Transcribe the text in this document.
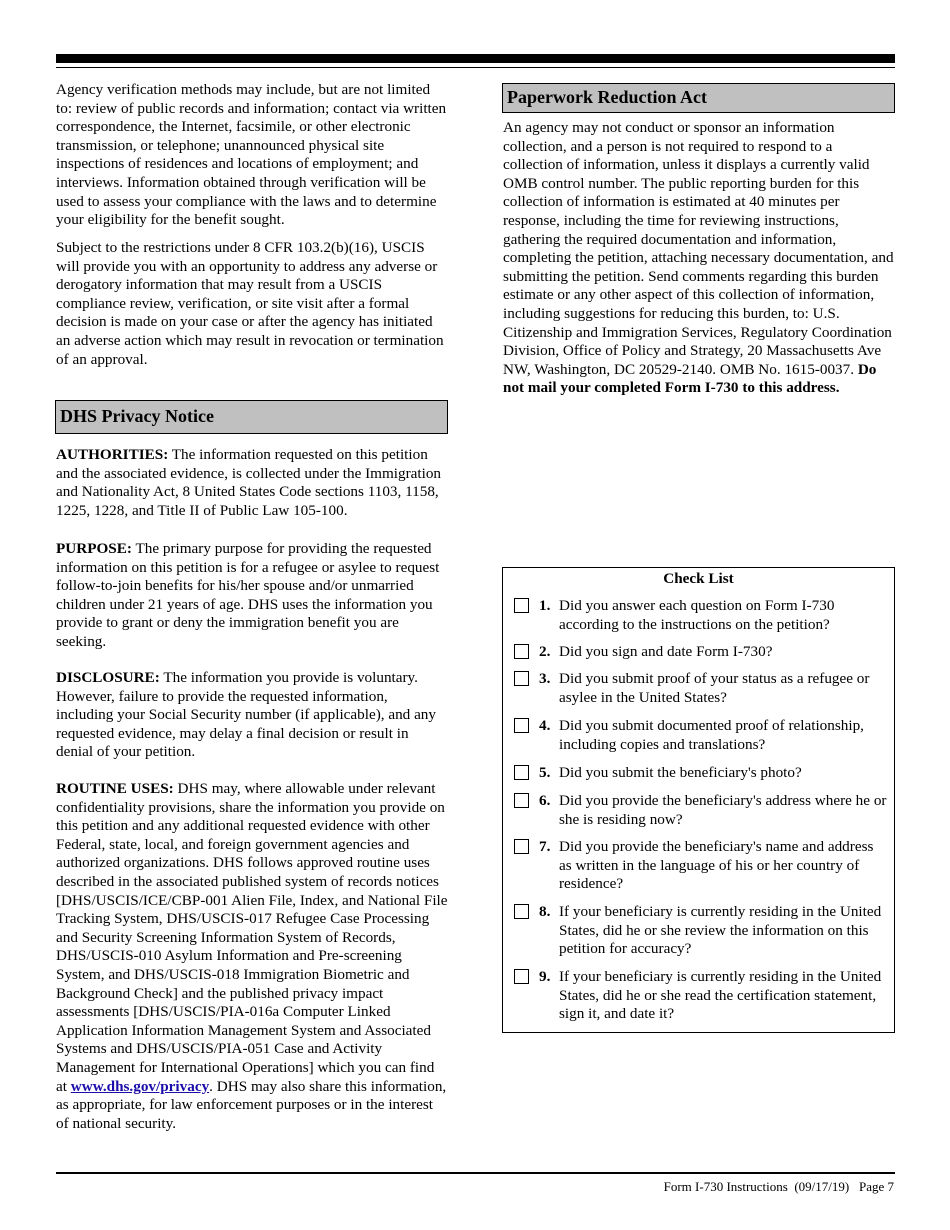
Agency verification methods may include, but are not limited to: review of public records and information; contact via written correspondence, the Internet, facsimile, or other electronic transmission, or telephone; unannounced physical site inspections of residences and locations of employment; and interviews. Information obtained through verification will be used to assess your compliance with the laws and to determine your eligibility for the benefit sought.

Subject to the restrictions under 8 CFR 103.2(b)(16), USCIS will provide you with an opportunity to address any adverse or derogatory information that may result from a USCIS compliance review, verification, or site visit after a formal decision is made on your case or after the agency has initiated an adverse action which may result in revocation or termination of an approval.

DHS Privacy Notice

AUTHORITIES: The information requested on this petition and the associated evidence, is collected under the Immigration and Nationality Act, 8 United States Code sections 1103, 1158, 1225, 1228, and Title II of Public Law 105-100.

PURPOSE: The primary purpose for providing the requested information on this petition is for a refugee or asylee to request follow-to-join benefits for his/her spouse and/or unmarried children under 21 years of age. DHS uses the information you provide to grant or deny the immigration benefit you are seeking.

DISCLOSURE: The information you provide is voluntary. However, failure to provide the requested information, including your Social Security number (if applicable), and any requested evidence, may delay a final decision or result in denial of your petition.

ROUTINE USES: DHS may, where allowable under relevant confidentiality provisions, share the information you provide on this petition and any additional requested evidence with other Federal, state, local, and foreign government agencies and authorized organizations. DHS follows approved routine uses described in the associated published system of records notices [DHS/USCIS/ICE/CBP-001 Alien File, Index, and National File Tracking System, DHS/USCIS-017 Refugee Case Processing and Security Screening Information System of Records, DHS/USCIS-010 Asylum Information and Pre-screening System, and DHS/USCIS-018 Immigration Biometric and Background Check] and the published privacy impact assessments [DHS/USCIS/PIA-016a Computer Linked Application Information Management System and Associated Systems and DHS/USCIS/PIA-051 Case and Activity Management for International Operations] which you can find at www.dhs.gov/privacy. DHS may also share this information, as appropriate, for law enforcement purposes or in the interest of national security.

Paperwork Reduction Act

An agency may not conduct or sponsor an information collection, and a person is not required to respond to a collection of information, unless it displays a currently valid OMB control number. The public reporting burden for this collection of information is estimated at 40 minutes per response, including the time for reviewing instructions, gathering the required documentation and information, completing the petition, attaching necessary documentation, and submitting the petition. Send comments regarding this burden estimate or any other aspect of this collection of information, including suggestions for reducing this burden, to: U.S. Citizenship and Immigration Services, Regulatory Coordination Division, Office of Policy and Strategy, 20 Massachusetts Ave NW, Washington, DC 20529-2140. OMB No. 1615-0037. Do not mail your completed Form I-730 to this address.

Check List
1. Did you answer each question on Form I-730 according to the instructions on the petition?
2. Did you sign and date Form I-730?
3. Did you submit proof of your status as a refugee or asylee in the United States?
4. Did you submit documented proof of relationship, including copies and translations?
5. Did you submit the beneficiary's photo?
6. Did you provide the beneficiary's address where he or she is residing now?
7. Did you provide the beneficiary's name and address as written in the language of his or her country of residence?
8. If your beneficiary is currently residing in the United States, did he or she review the information on this petition for accuracy?
9. If your beneficiary is currently residing in the United States, did he or she read the certification statement, sign it, and date it?
Form I-730 Instructions  (09/17/19)   Page 7
